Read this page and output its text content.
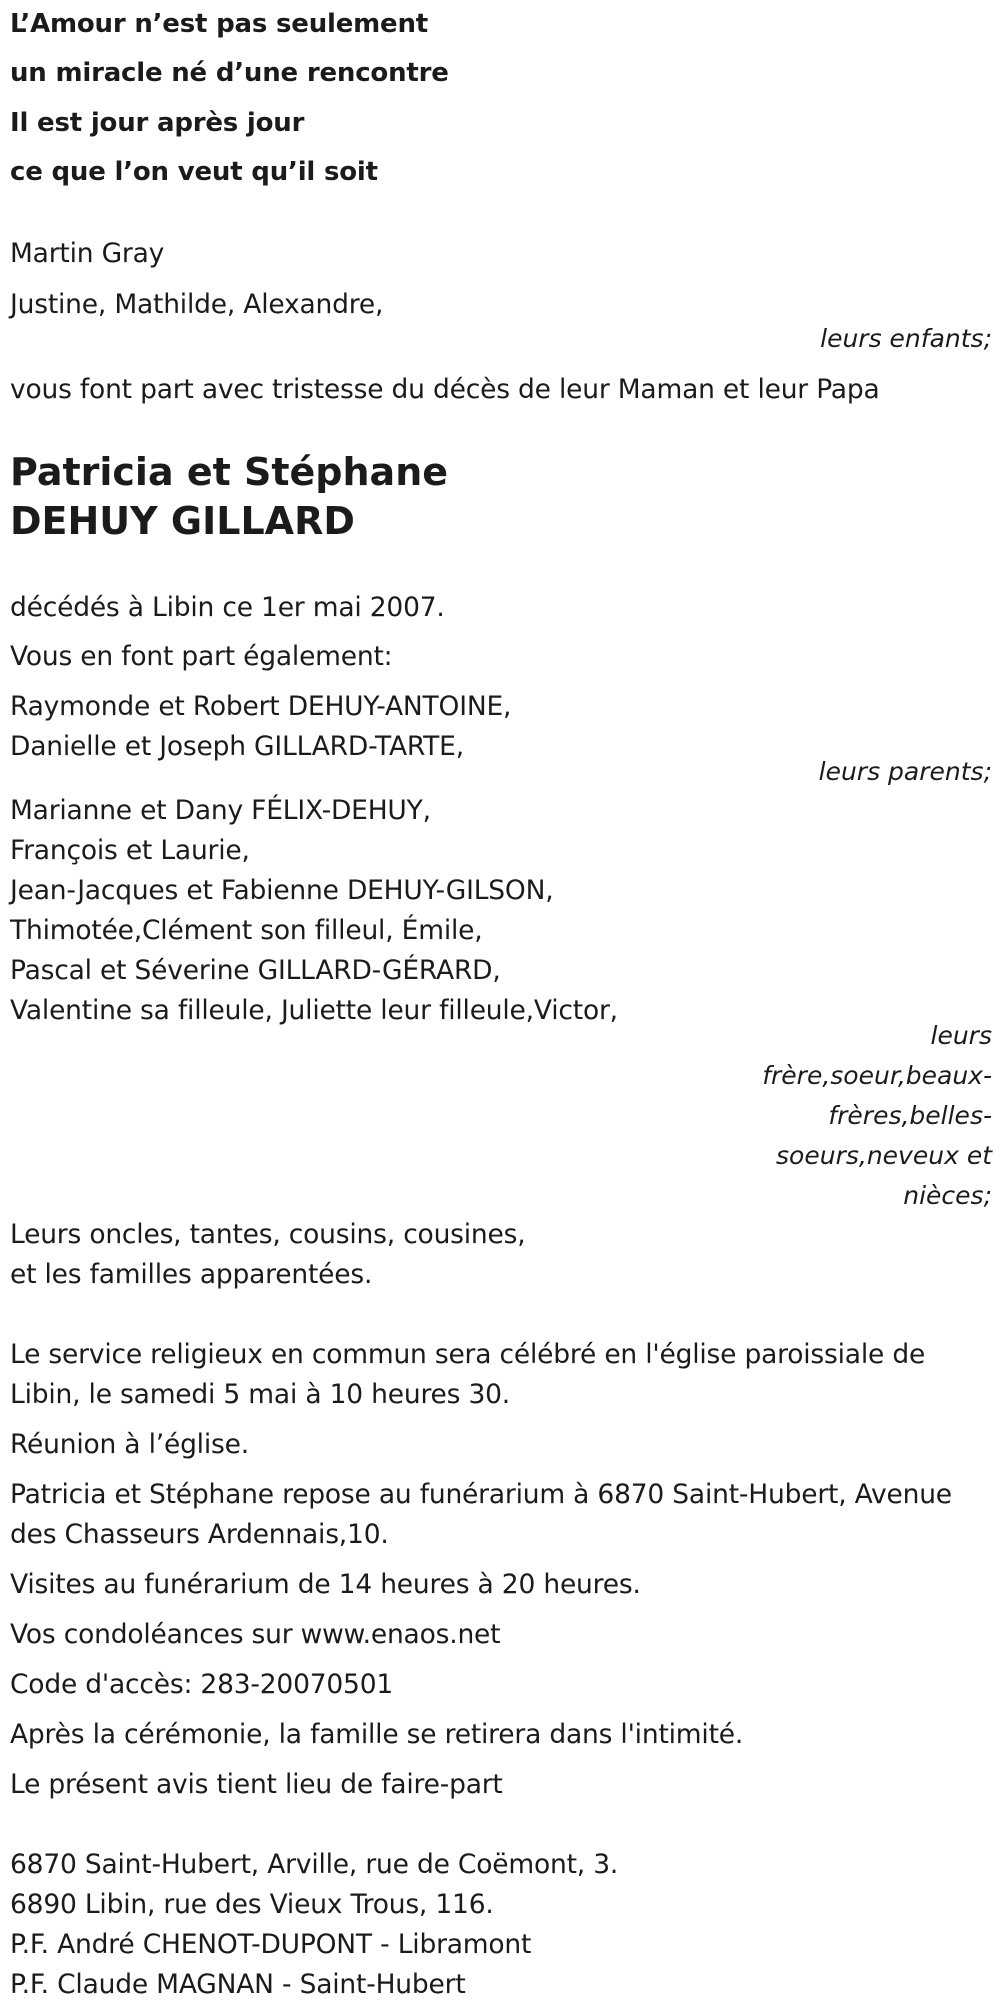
L’Amour n’est pas seulement

un miracle né d’une rencontre

Il est jour après jour

ce que l’on veut qu’il soit

Martin Gray

Justine, Mathilde, Alexandre,

leurs enfants;

vous font part avec tristesse du décès de leur Maman et leur Papa

Patricia et Stéphane

DEHUY GILLARD

décédés à Libin ce 1er mai 2007.

Vous en font part également:

Raymonde et Robert DEHUY-ANTOINE,

Danielle et Joseph GILLARD-TARTE,

leurs parents;

Marianne et Dany FÉLIX-DEHUY,

François et Laurie,

Jean-Jacques et Fabienne DEHUY-GILSON,

Thimotée,Clément son filleul, Émile,

Pascal et Séverine GILLARD-GÉRARD,

Valentine sa filleule, Juliette leur filleule,Victor,

leurs
frère,soeur,beaux-
frères,belles-
soeurs,neveux et
nièces;

Leurs oncles, tantes, cousins, cousines,

et les familles apparentées.

Le service religieux en commun sera célébré en l'église paroissiale de

Libin, le samedi 5 mai à 10 heures 30.

Réunion à l’église.

Patricia et Stéphane repose au funérarium à 6870 Saint-Hubert, Avenue

des Chasseurs Ardennais,10.

Visites au funérarium de 14 heures à 20 heures.

Vos condoléances sur www.enaos.net

Code d'accès: 283-20070501

Après la cérémonie, la famille se retirera dans l'intimité.

Le présent avis tient lieu de faire-part

6870 Saint-Hubert, Arville, rue de Coëmont, 3.

6890 Libin, rue des Vieux Trous, 116.

P.F. André CHENOT-DUPONT - Libramont

P.F. Claude MAGNAN - Saint-Hubert
